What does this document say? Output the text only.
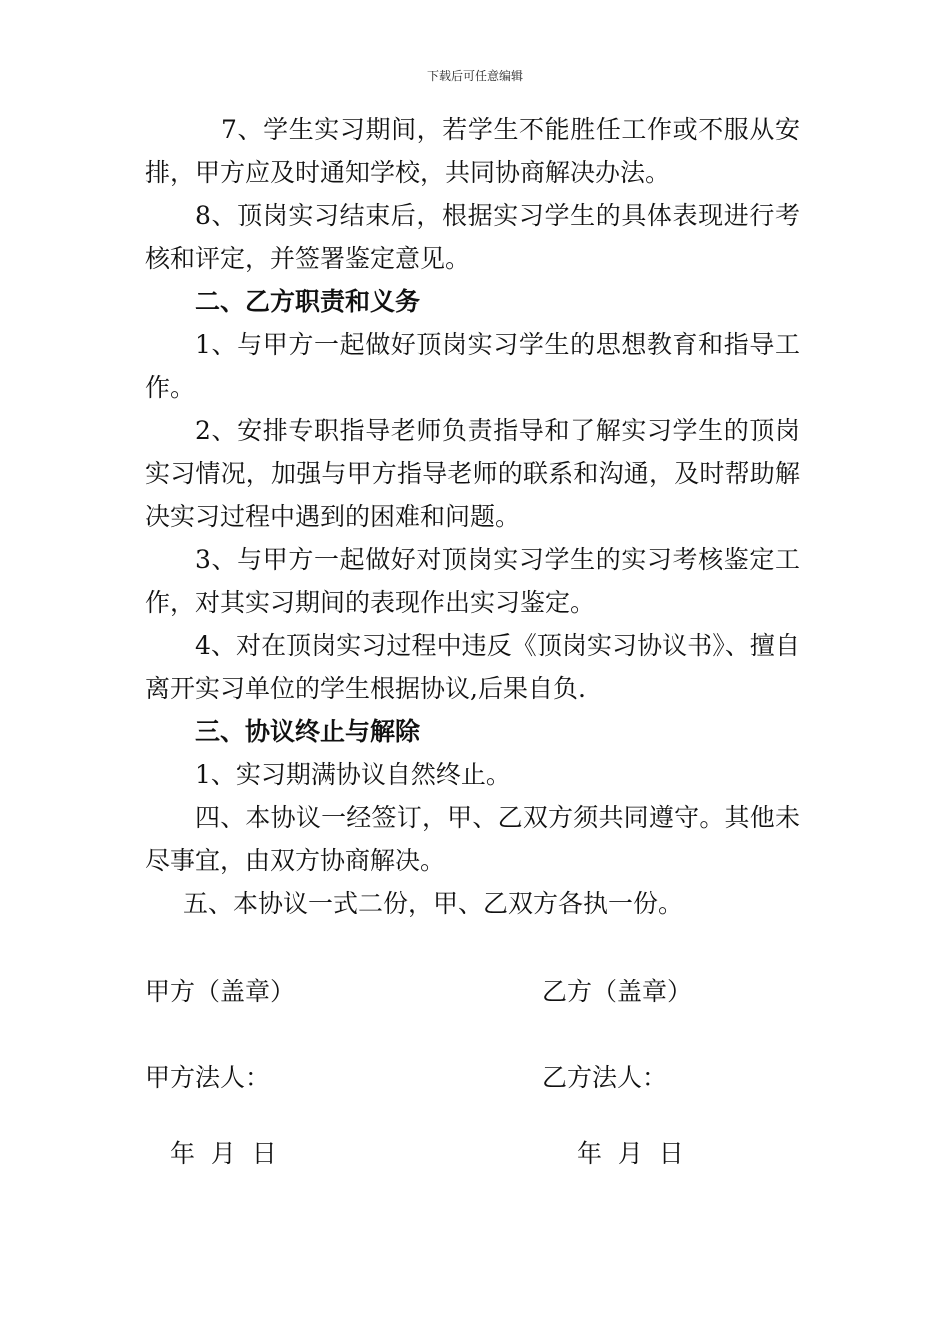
下载后可任意编辑

7、学生实习期间，若学生不能胜任工作或不服从安排，甲方应及时通知学校，共同协商解决办法。

8、顶岗实习结束后，根据实习学生的具体表现进行考核和评定，并签署鉴定意见。

二、乙方职责和义务

1、与甲方一起做好顶岗实习学生的思想教育和指导工作。

2、安排专职指导老师负责指导和了解实习学生的顶岗实习情况，加强与甲方指导老师的联系和沟通，及时帮助解决实习过程中遇到的困难和问题。

3、与甲方一起做好对顶岗实习学生的实习考核鉴定工作，对其实习期间的表现作出实习鉴定。

4、对在顶岗实习过程中违反《顶岗实习协议书》、擅自离开实习单位的学生根据协议,后果自负.

三、协议终止与解除

1、实习期满协议自然终止。

四、本协议一经签订，甲、乙双方须共同遵守。其他未尽事宜，由双方协商解决。

五、本协议一式二份，甲、乙双方各执一份。

甲方（盖章）	乙方（盖章）
甲方法人：	乙方法人：
年  月  日	年  月  日
